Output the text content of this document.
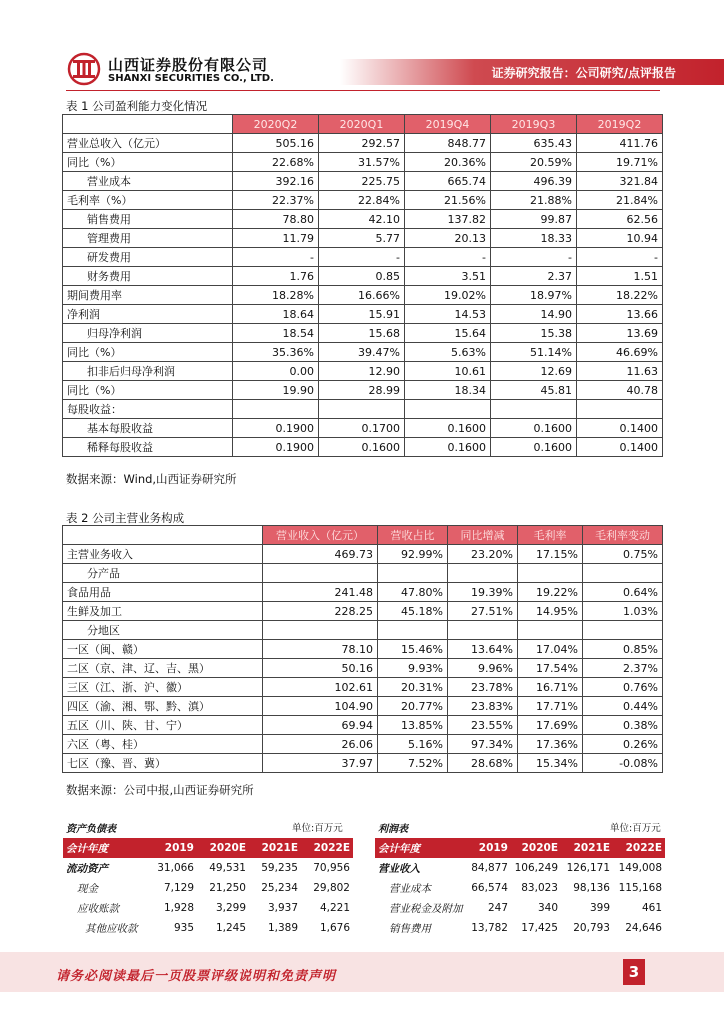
山西证券股份有限公司
SHANXI SECURITIES CO., LTD.	证券研究报告：公司研究/点评报告
表 1 公司盈利能力变化情况
	2020Q2	2020Q1	2019Q4	2019Q3	2019Q2
营业总收入（亿元）	505.16	292.57	848.77	635.43	411.76
同比（%）	22.68%	31.57%	20.36%	20.59%	19.71%
营业成本	392.16	225.75	665.74	496.39	321.84
毛利率（%）	22.37%	22.84%	21.56%	21.88%	21.84%
销售费用	78.80	42.10	137.82	99.87	62.56
管理费用	11.79	5.77	20.13	18.33	10.94
研发费用	-	-	-	-	-
财务费用	1.76	0.85	3.51	2.37	1.51
期间费用率	18.28%	16.66%	19.02%	18.97%	18.22%
净利润	18.64	15.91	14.53	14.90	13.66
归母净利润	18.54	15.68	15.64	15.38	13.69
同比（%）	35.36%	39.47%	5.63%	51.14%	46.69%
扣非后归母净利润	0.00	12.90	10.61	12.69	11.63
同比（%）	19.90	28.99	18.34	45.81	40.78
每股收益：					
基本每股收益	0.1900	0.1700	0.1600	0.1600	0.1400
稀释每股收益	0.1900	0.1600	0.1600	0.1600	0.1400
数据来源：Wind,山西证券研究所
表 2 公司主营业务构成
	营业收入（亿元）	营收占比	同比增减	毛利率	毛利率变动
主营业务收入	469.73	92.99%	23.20%	17.15%	0.75%
分产品					
食品用品	241.48	47.80%	19.39%	19.22%	0.64%
生鲜及加工	228.25	45.18%	27.51%	14.95%	1.03%
分地区					
一区（闽、赣）	78.10	15.46%	13.64%	17.04%	0.85%
二区（京、津、辽、吉、黑）	50.16	9.93%	9.96%	17.54%	2.37%
三区（江、浙、沪、徽）	102.61	20.31%	23.78%	16.71%	0.76%
四区（渝、湘、鄂、黔、滇）	104.90	20.77%	23.83%	17.71%	0.44%
五区（川、陕、甘、宁）	69.94	13.85%	23.55%	17.69%	0.38%
六区（粤、桂）	26.06	5.16%	97.34%	17.36%	0.26%
七区（豫、晋、冀）	37.97	7.52%	28.68%	15.34%	-0.08%
数据来源：公司中报,山西证券研究所
资产负债表	单位:百万元
会计年度	2019	2020E	2021E	2022E
流动资产	31,066	49,531	59,235	70,956
现金	7,129	21,250	25,234	29,802
应收账款	1,928	3,299	3,937	4,221
其他应收款	935	1,245	1,389	1,676
利润表	单位:百万元
会计年度	2019	2020E	2021E	2022E
营业收入	84,877	106,249	126,171	149,008
营业成本	66,574	83,023	98,136	115,168
营业税金及附加	247	340	399	461
销售费用	13,782	17,425	20,793	24,646
请务必阅读最后一页股票评级说明和免责声明	3
